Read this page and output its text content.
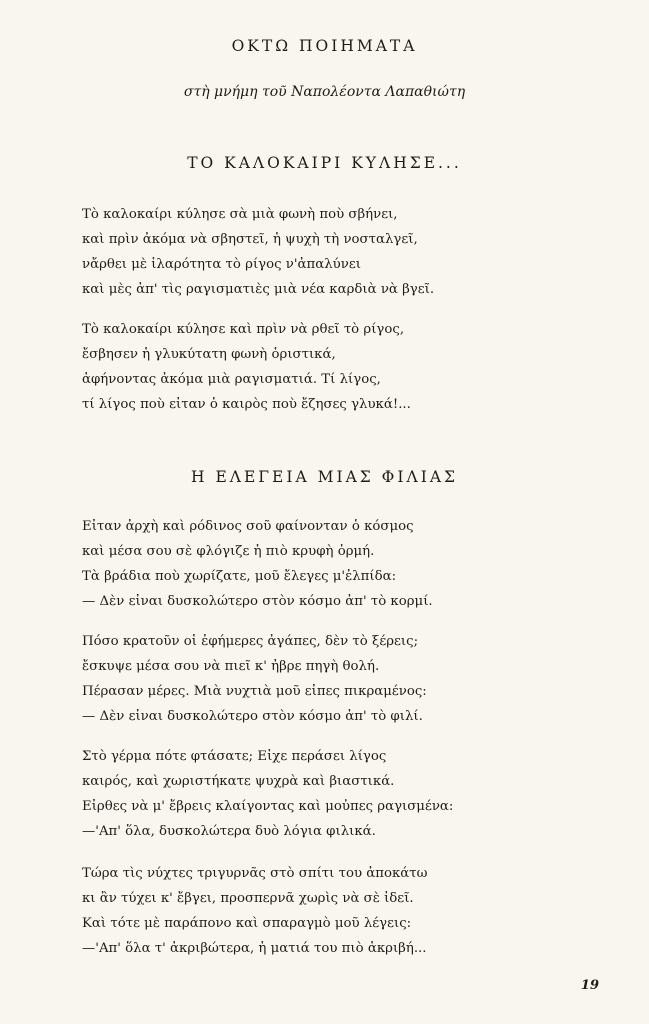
ΟΚΤΩ ΠΟΙΗΜΑΤΑ
στὴ μνήμη τοῦ Ναπολέοντα Λαπαθιώτη
ΤΟ ΚΑΛΟΚΑΙΡΙ ΚΥΛΗΣΕ...
Τὸ καλοκαίρι κύλησε σὰ μιὰ φωνὴ ποὺ σβήνει,
καὶ πρὶν ἀκόμα νὰ σβηστεῖ, ἡ ψυχὴ τὴ νοσταλγεῖ,
νἄρθει μὲ ἱλαρότητα τὸ ρίγος ν'ἀπαλύνει
καὶ μὲς ἀπ' τὶς ραγισματιὲς μιὰ νέα καρδιὰ νὰ βγεῖ.
Τὸ καλοκαίρι κύλησε καὶ πρὶν νὰ ρθεῖ τὸ ρίγος,
ἔσβησεν ἡ γλυκύτατη φωνὴ ὁριστικά,
ἀφήνοντας ἀκόμα μιὰ ραγισματιά. Τί λίγος,
τί λίγος ποὺ εἶταν ὁ καιρὸς ποὺ ἔζησες γλυκά!...
Η ΕΛΕΓΕΙΑ ΜΙΑΣ ΦΙΛΙΑΣ
Εἶταν ἀρχὴ καὶ ρόδινος σοῦ φαίνονταν ὁ κόσμος
καὶ μέσα σου σὲ φλόγιζε ἡ πιὸ κρυφὴ ὁρμή.
Τὰ βράδια ποὺ χωρίζατε, μοῦ ἔλεγες μ'ἐλπίδα:
— Δὲν εἶναι δυσκολώτερο στὸν κόσμο ἀπ' τὸ κορμί.
Πόσο κρατοῦν οἱ ἐφήμερες ἀγάπες, δὲν τὸ ξέρεις;
ἔσκυψε μέσα σου νὰ πιεῖ κ' ἦβρε πηγὴ θολή.
Πέρασαν μέρες. Μιὰ νυχτιὰ μοῦ εἶπες πικραμένος:
— Δὲν εἶναι δυσκολώτερο στὸν κόσμο ἀπ' τὸ φιλί.
Στὸ γέρμα πότε φτάσατε; Εἶχε περάσει λίγος
καιρός, καὶ χωριστήκατε ψυχρὰ καὶ βιαστικά.
Εἶρθες νὰ μ' ἔβρεις κλαίγοντας καὶ μοὖπες ραγισμένα:
—'Απ' ὅλα, δυσκολώτερα δυὸ λόγια φιλικά.
Τώρα τὶς νύχτες τριγυρνᾶς στὸ σπίτι του ἀποκάτω
κι ἂν τύχει κ' ἔβγει, προσπερνᾶ χωρὶς νὰ σὲ ἰδεῖ.
Καὶ τότε μὲ παράπονο καὶ σπαραγμὸ μοῦ λέγεις:
—'Απ' ὅλα τ' ἀκριβώτερα, ἡ ματιά του πιὸ ἀκριβή...
19
